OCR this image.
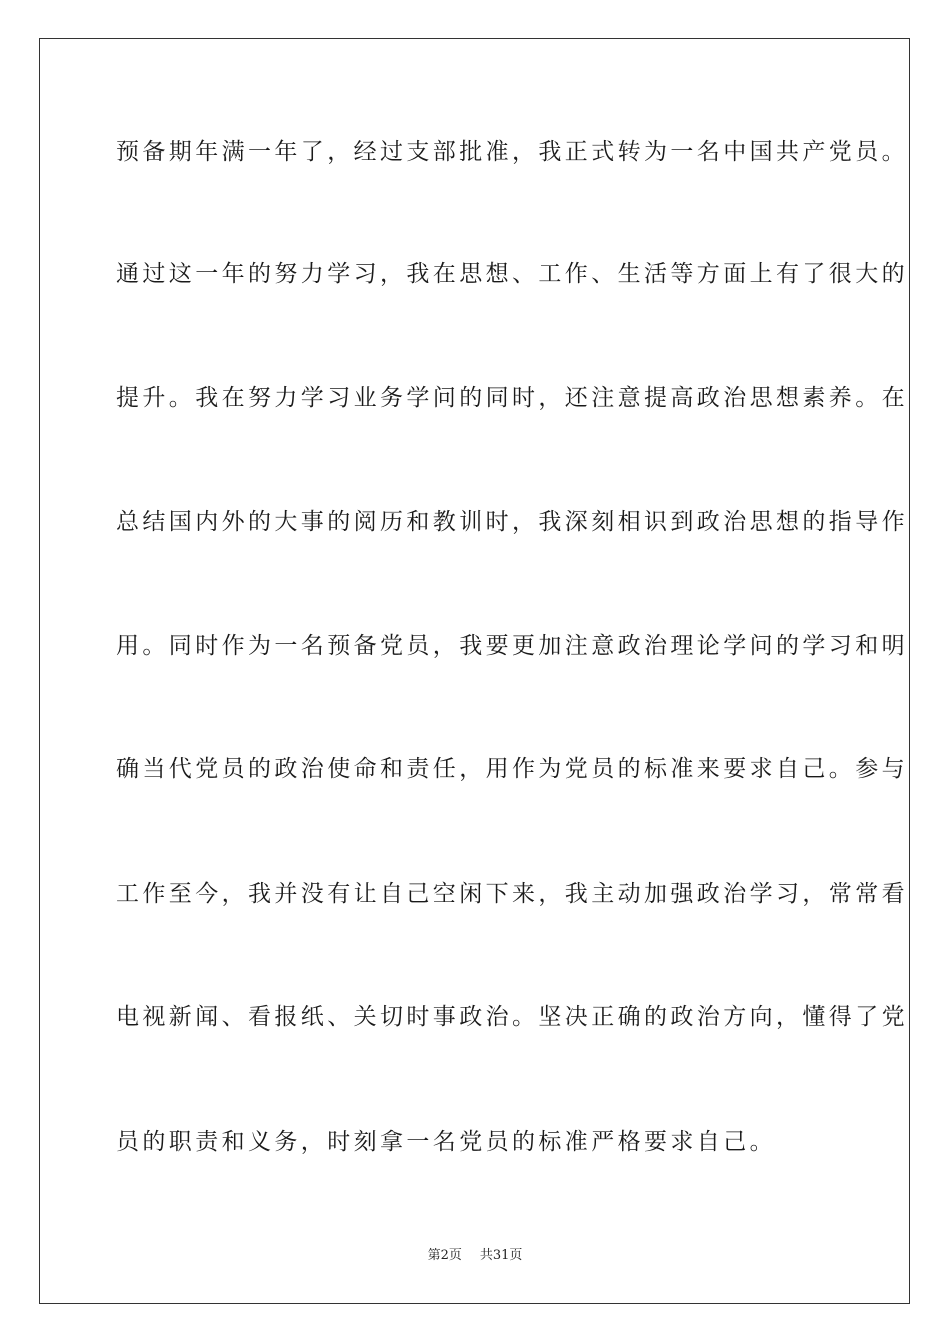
预备期年满一年了，经过支部批准，我正式转为一名中国共产党员。

通过这一年的努力学习，我在思想、工作、生活等方面上有了很大的

提升。我在努力学习业务学问的同时，还注意提高政治思想素养。在

总结国内外的大事的阅历和教训时，我深刻相识到政治思想的指导作

用。同时作为一名预备党员，我要更加注意政治理论学问的学习和明

确当代党员的政治使命和责任，用作为党员的标准来要求自己。参与

工作至今，我并没有让自己空闲下来，我主动加强政治学习，常常看

电视新闻、看报纸、关切时事政治。坚决正确的政治方向，懂得了党

员的职责和义务，时刻拿一名党员的标准严格要求自己。

第2页 共31页
